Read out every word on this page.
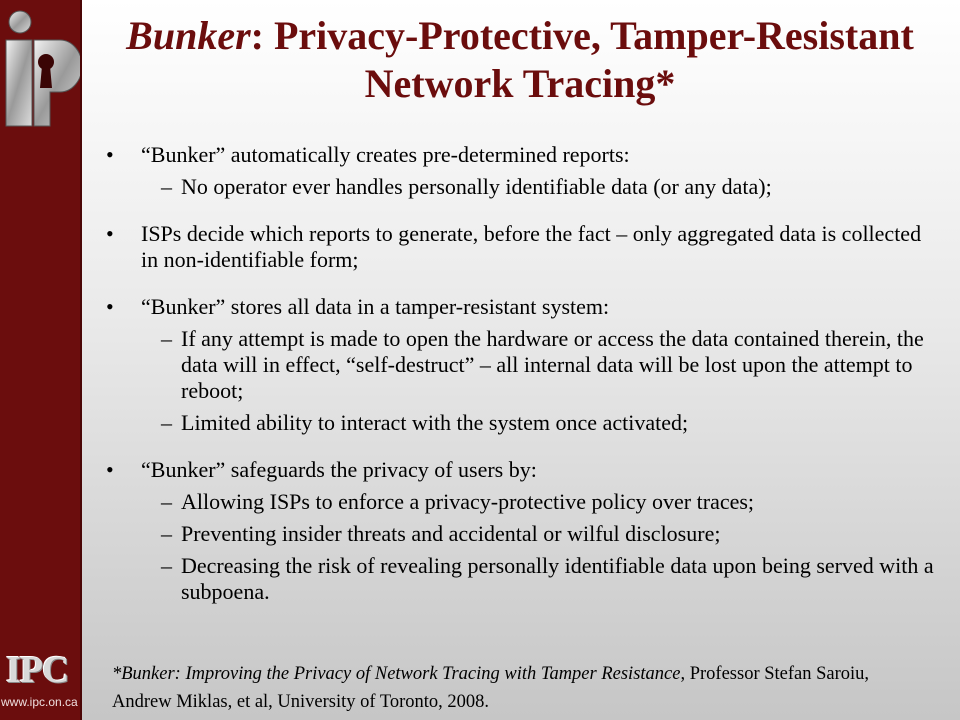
IPC
www.ipc.on.ca
Bunker: Privacy-Protective, Tamper-Resistant Network Tracing*
• “Bunker” automatically creates pre-determined reports:
– No operator ever handles personally identifiable data (or any data);
• ISPs decide which reports to generate, before the fact – only aggregated data is collected in non-identifiable form;
• “Bunker” stores all data in a tamper-resistant system:
– If any attempt is made to open the hardware or access the data contained therein, the data will in effect, “self-destruct” – all internal data will be lost upon the attempt to reboot;
– Limited ability to interact with the system once activated;
• “Bunker” safeguards the privacy of users by:
– Allowing ISPs to enforce a privacy-protective policy over traces;
– Preventing insider threats and accidental or wilful disclosure;
– Decreasing the risk of revealing personally identifiable data upon being served with a subpoena.
*Bunker: Improving the Privacy of Network Tracing with Tamper Resistance, Professor Stefan Saroiu, Andrew Miklas, et al, University of Toronto, 2008.
